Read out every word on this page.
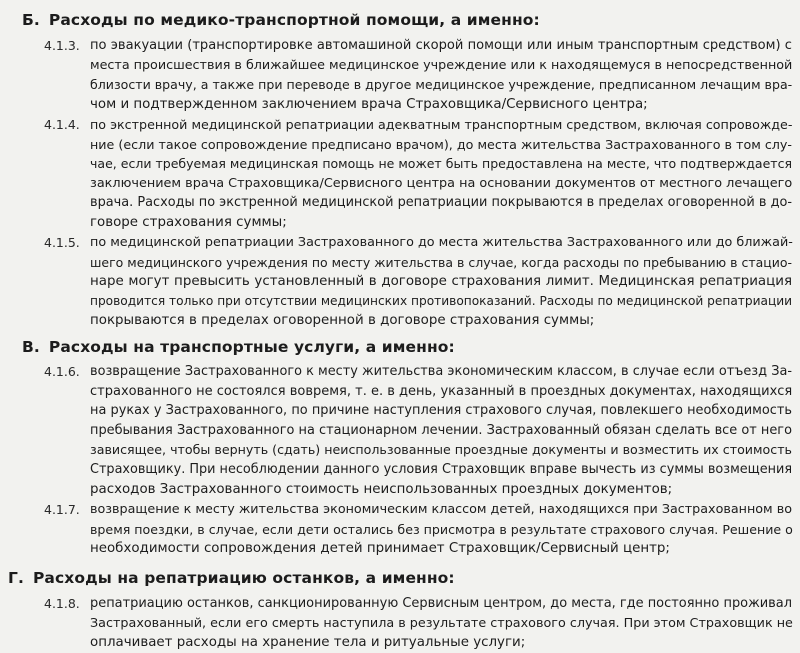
Б. Расходы по медико-транспортной помощи, а именно:
4.1.3. по эвакуации (транспортировке автомашиной скорой помощи или иным транспортным средством) с
места происшествия в ближайшее медицинское учреждение или к находящемуся в непосредственной
близости врачу, а также при переводе в другое медицинское учреждение, предписанном лечащим вра-
чом и подтвержденном заключением врача Страховщика/Сервисного центра;
4.1.4. по экстренной медицинской репатриации адекватным транспортным средством, включая сопровожде-
ние (если такое сопровождение предписано врачом), до места жительства Застрахованного в том слу-
чае, если требуемая медицинская помощь не может быть предоставлена на месте, что подтверждается
заключением врача Страховщика/Сервисного центра на основании документов от местного лечащего
врача. Расходы по экстренной медицинской репатриации покрываются в пределах оговоренной в до-
говоре страхования суммы;
4.1.5. по медицинской репатриации Застрахованного до места жительства Застрахованного или до ближай-
шего медицинского учреждения по месту жительства в случае, когда расходы по пребыванию в стацио-
наре могут превысить установленный в договоре страхования лимит. Медицинская репатриация
проводится только при отсутствии медицинских противопоказаний. Расходы по медицинской репатриации
покрываются в пределах оговоренной в договоре страхования суммы;
В. Расходы на транспортные услуги, а именно:
4.1.6. возвращение Застрахованного к месту жительства экономическим классом, в случае если отъезд За-
страхованного не состоялся вовремя, т. е. в день, указанный в проездных документах, находящихся
на руках у Застрахованного, по причине наступления страхового случая, повлекшего необходимость
пребывания Застрахованного на стационарном лечении. Застрахованный обязан сделать все от него
зависящее, чтобы вернуть (сдать) неиспользованные проездные документы и возместить их стоимость
Страховщику. При несоблюдении данного условия Страховщик вправе вычесть из суммы возмещения
расходов Застрахованного стоимость неиспользованных проездных документов;
4.1.7. возвращение к месту жительства экономическим классом детей, находящихся при Застрахованном во
время поездки, в случае, если дети остались без присмотра в результате страхового случая. Решение о
необходимости сопровождения детей принимает Страховщик/Сервисный центр;
Г. Расходы на репатриацию останков, а именно:
4.1.8. репатриацию останков, санкционированную Сервисным центром, до места, где постоянно проживал
Застрахованный, если его смерть наступила в результате страхового случая. При этом Страховщик не
оплачивает расходы на хранение тела и ритуальные услуги;
